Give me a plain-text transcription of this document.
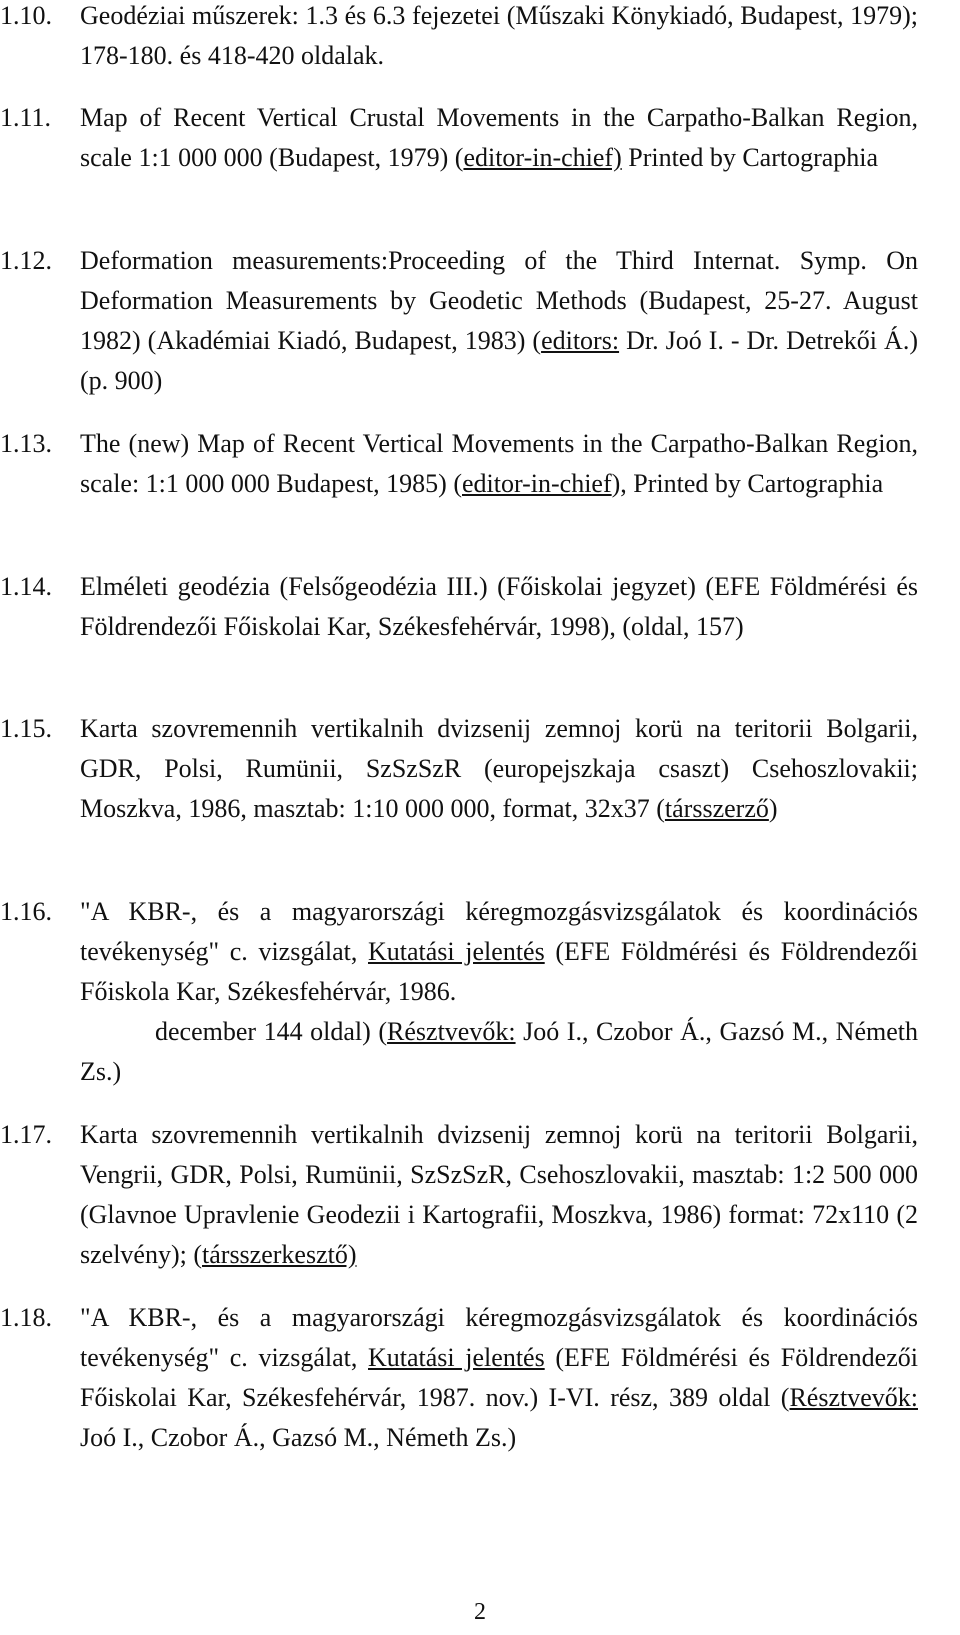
1.10.	Geodéziai műszerek: 1.3 és 6.3 fejezetei (Műszaki Könykiadó, Budapest, 1979); 178-180. és 418-420 oldalak.
1.11.	Map of Recent Vertical Crustal Movements in the Carpatho-Balkan Region, scale 1:1 000 000 (Budapest, 1979) (editor-in-chief) Printed by Cartographia
1.12.	Deformation measurements:Proceeding of the Third Internat. Symp. On Deformation Measurements by Geodetic Methods (Budapest, 25-27. August 1982) (Akadémiai Kiadó, Budapest, 1983) (editors: Dr. Joó I. - Dr. Detrekői Á.) (p. 900)
1.13.	The (new) Map of Recent Vertical Movements in the Carpatho-Balkan Region, scale: 1:1 000 000 Budapest, 1985) (editor-in-chief), Printed by Cartographia
1.14.	Elméleti geodézia (Felsőgeodézia III.) (Főiskolai jegyzet) (EFE Földmérési és Földrendezői Főiskolai Kar, Székesfehérvár, 1998), (oldal, 157)
1.15.	Karta szovremennih vertikalnih dvizsenij zemnoj korü na teritorii Bolgarii, GDR, Polsi, Rumünii, SzSzSzR (europejszkaja csaszt) Csehoszlovakii; Moszkva, 1986, masztab: 1:10 000 000, format, 32x37 (társszerző)
1.16.	"A KBR-, és a magyarországi kéregmozgásvizsgálatok és koordinációs tevékenység" c. vizsgálat, Kutatási jelentés (EFE Földmérési és Földrendezői Főiskola Kar, Székesfehérvár, 1986.
december 144 oldal) (Résztvevők: Joó I., Czobor Á., Gazsó M., Németh Zs.)
1.17.	Karta szovremennih vertikalnih dvizsenij zemnoj korü na teritorii Bolgarii, Vengrii, GDR, Polsi, Rumünii, SzSzSzR, Csehoszlovakii, masztab: 1:2 500 000 (Glavnoe Upravlenie Geodezii i Kartografii, Moszkva, 1986) format: 72x110 (2 szelvény); (társszerkesztő)
1.18.	"A KBR-, és a magyarországi kéregmozgásvizsgálatok és koordinációs tevékenység" c. vizsgálat, Kutatási jelentés (EFE Földmérési és Földrendezői Főiskolai Kar, Székesfehérvár, 1987. nov.) I-VI. rész, 389 oldal (Résztvevők: Joó I., Czobor Á., Gazsó M., Németh Zs.)
2
